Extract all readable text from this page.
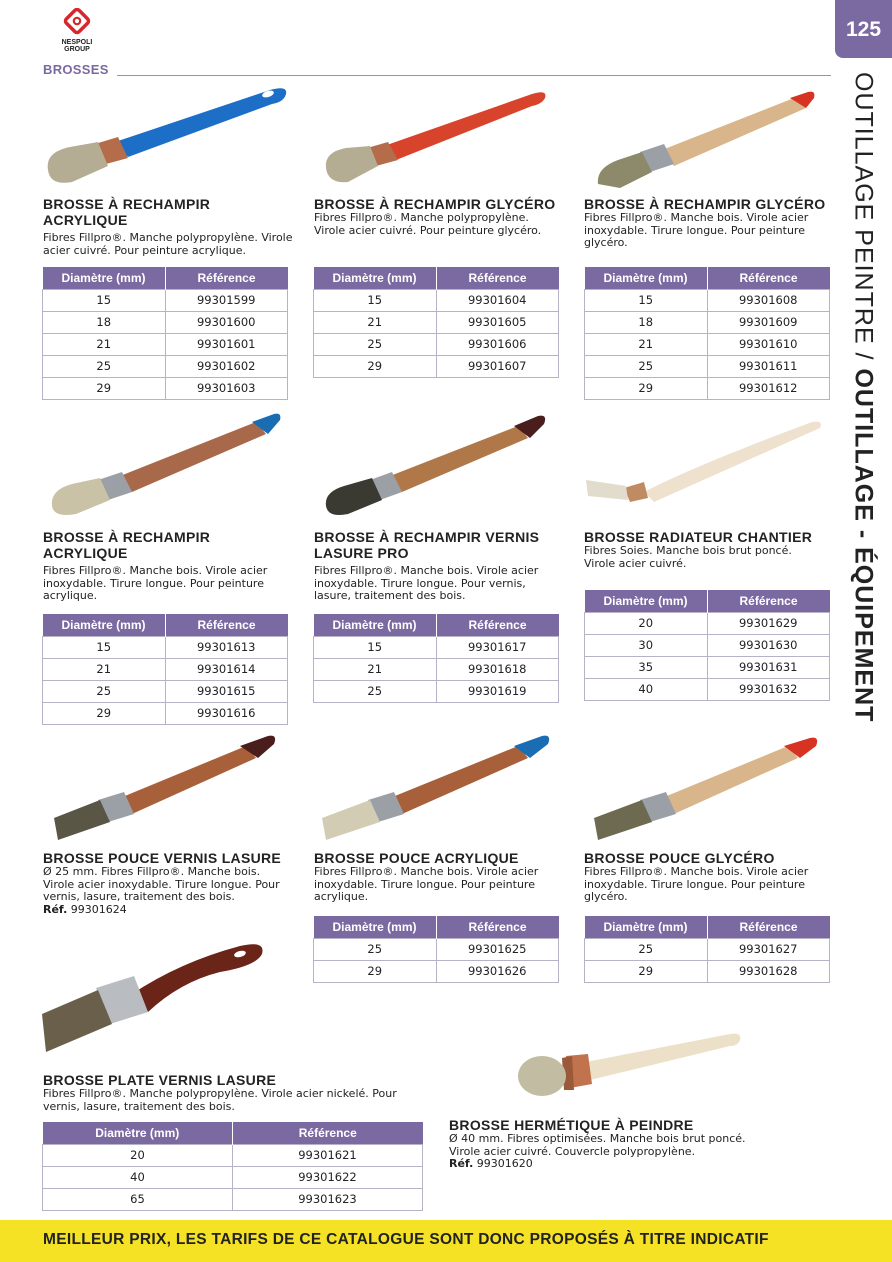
NESPOLI GROUP
BROSSES
125
OUTILLAGE PEINTRE / OUTILLAGE - ÉQUIPEMENT
BROSSE À RECHAMPIR ACRYLIQUE
Fibres Fillpro®. Manche polypropylène. Virole acier cuivré. Pour peinture acrylique.
Diamètre (mm)	Référence
15	99301599
18	99301600
21	99301601
25	99301602
29	99301603
BROSSE À RECHAMPIR GLYCÉRO
Fibres Fillpro®. Manche polypropylène. Virole acier cuivré. Pour peinture glycéro.
Diamètre (mm)	Référence
15	99301604
21	99301605
25	99301606
29	99301607
BROSSE À RECHAMPIR GLYCÉRO
Fibres Fillpro®. Manche bois. Virole acier inoxydable. Tirure longue. Pour peinture glycéro.
Diamètre (mm)	Référence
15	99301608
18	99301609
21	99301610
25	99301611
29	99301612
BROSSE À RECHAMPIR ACRYLIQUE
Fibres Fillpro®. Manche bois. Virole acier inoxydable. Tirure longue. Pour peinture acrylique.
Diamètre (mm)	Référence
15	99301613
21	99301614
25	99301615
29	99301616
BROSSE À RECHAMPIR VERNIS LASURE PRO
Fibres Fillpro®. Manche bois. Virole acier inoxydable. Tirure longue. Pour vernis, lasure, traitement des bois.
Diamètre (mm)	Référence
15	99301617
21	99301618
25	99301619
BROSSE RADIATEUR CHANTIER
Fibres Soies. Manche bois brut poncé. Virole acier cuivré.
Diamètre (mm)	Référence
20	99301629
30	99301630
35	99301631
40	99301632
BROSSE POUCE VERNIS LASURE
Ø 25 mm. Fibres Fillpro®. Manche bois. Virole acier inoxydable. Tirure longue. Pour vernis, lasure, traitement des bois.
Réf. 99301624
BROSSE POUCE ACRYLIQUE
Fibres Fillpro®. Manche bois. Virole acier inoxydable. Tirure longue. Pour peinture acrylique.
Diamètre (mm)	Référence
25	99301625
29	99301626
BROSSE POUCE GLYCÉRO
Fibres Fillpro®. Manche bois. Virole acier inoxydable. Tirure longue. Pour peinture glycéro.
Diamètre (mm)	Référence
25	99301627
29	99301628
BROSSE PLATE VERNIS LASURE
Fibres Fillpro®. Manche polypropylène. Virole acier nickelé. Pour vernis, lasure, traitement des bois.
Diamètre (mm)	Référence
20	99301621
40	99301622
65	99301623
BROSSE HERMÉTIQUE À PEINDRE
Ø 40 mm. Fibres optimisées. Manche bois brut poncé. Virole acier cuivré. Couvercle polypropylène.
Réf. 99301620
MEILLEUR PRIX, LES TARIFS DE CE CATALOGUE SONT DONC PROPOSÉS À TITRE INDICATIF
